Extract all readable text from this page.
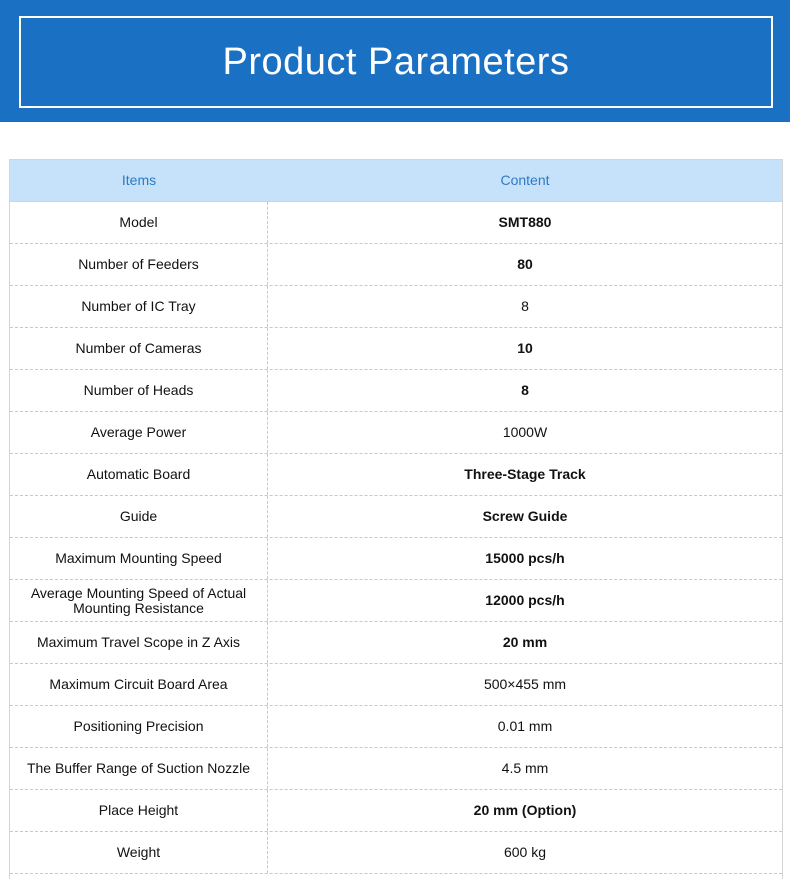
Product Parameters
Items	Content
Model	SMT880
Number of Feeders	80
Number of IC Tray	8
Number of Cameras	10
Number of Heads	8
Average Power	1000W
Automatic Board	Three-Stage Track
Guide	Screw Guide
Maximum Mounting Speed	15000 pcs/h
Average Mounting Speed of Actual Mounting Resistance	12000 pcs/h
Maximum Travel Scope in Z Axis	20 mm
Maximum Circuit Board Area	500×455 mm
Positioning Precision	0.01 mm
The Buffer Range of Suction Nozzle	4.5 mm
Place Height	20 mm (Option)
Weight	600 kg
